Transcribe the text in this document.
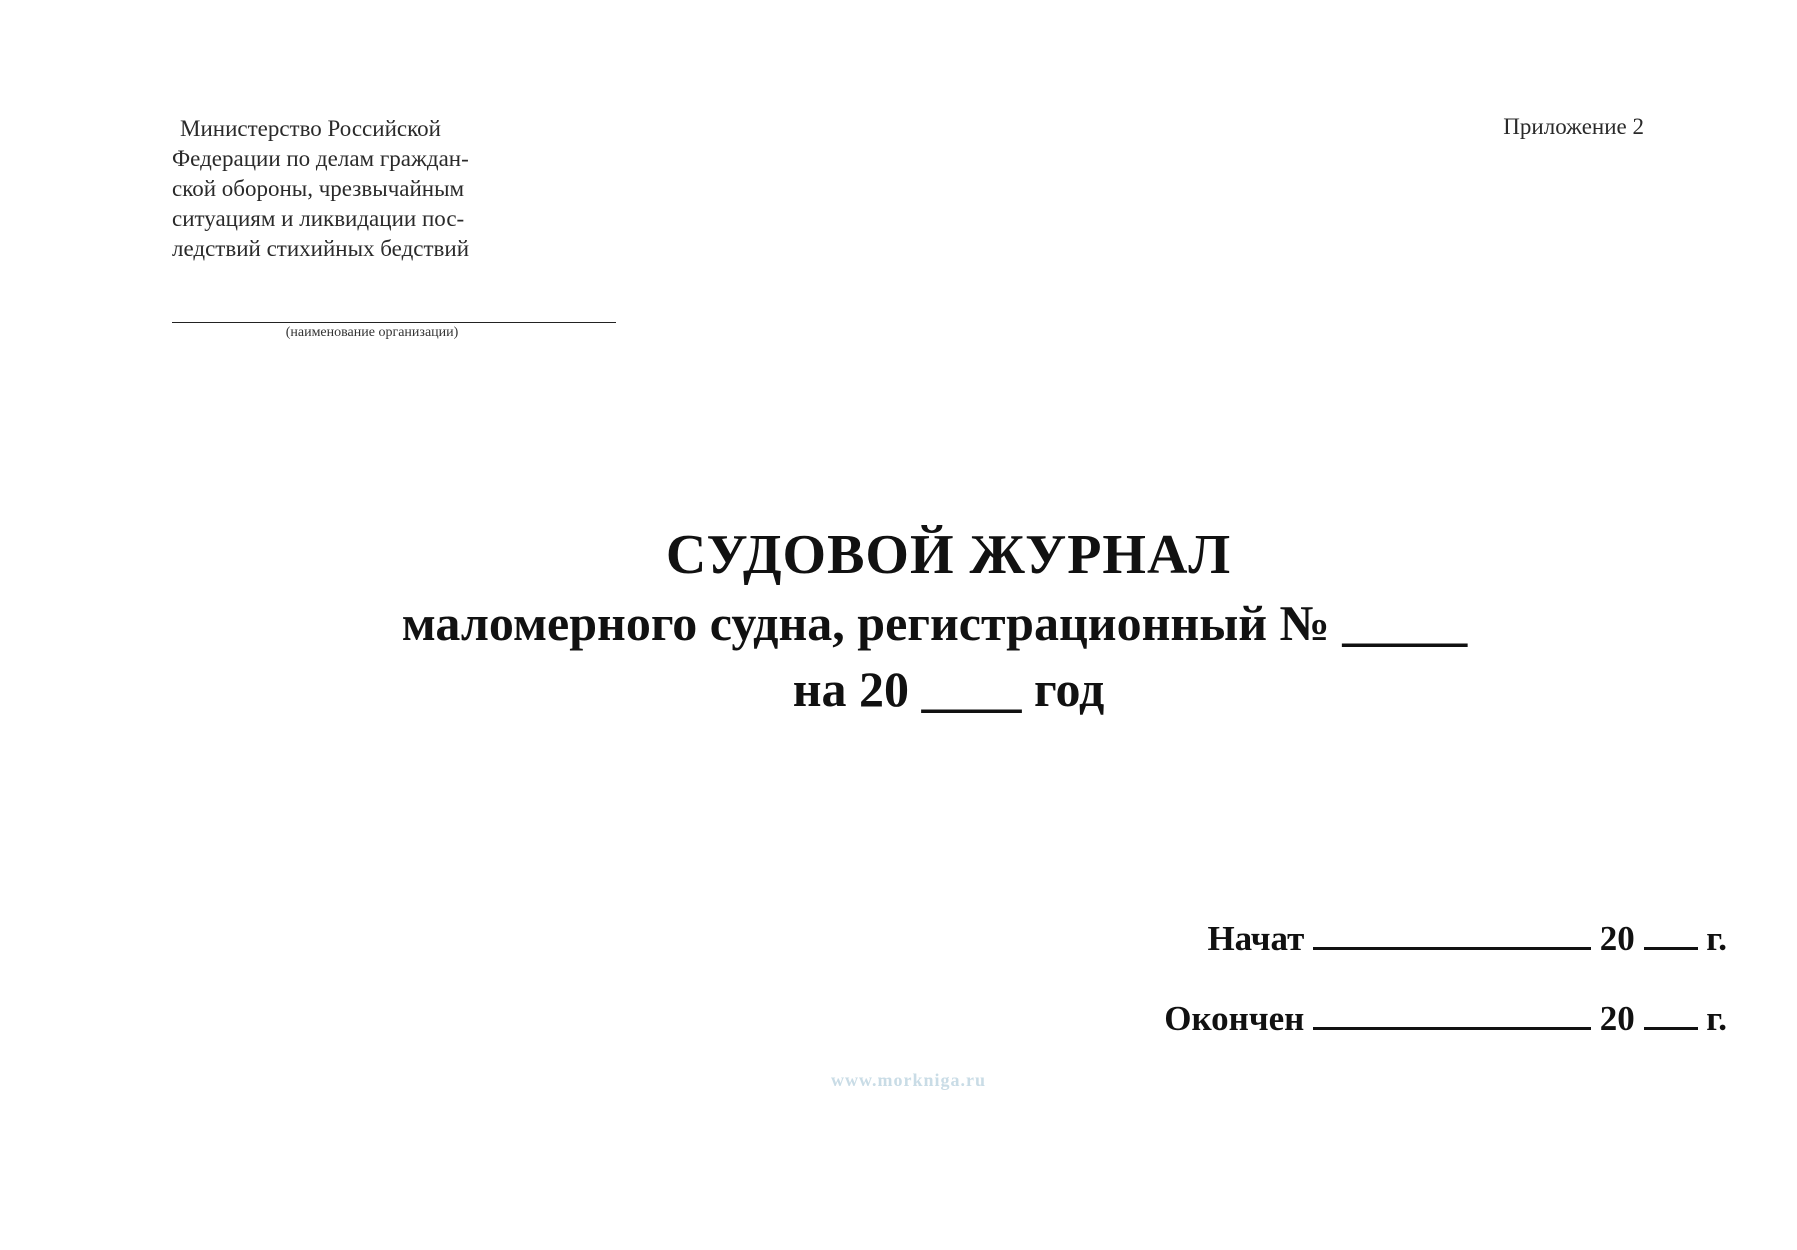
Министерство Российской
Федерации по делам граждан-
ской обороны, чрезвычайным
ситуациям и ликвидации пос-
ледствий стихийных бедствий
(наименование организации)
Приложение 2
СУДОВОЙ ЖУРНАЛ
маломерного судна, регистрационный № _____
на 20 ____ год
Начат	20 г.
Окончен	20 г.
www.morkniga.ru
